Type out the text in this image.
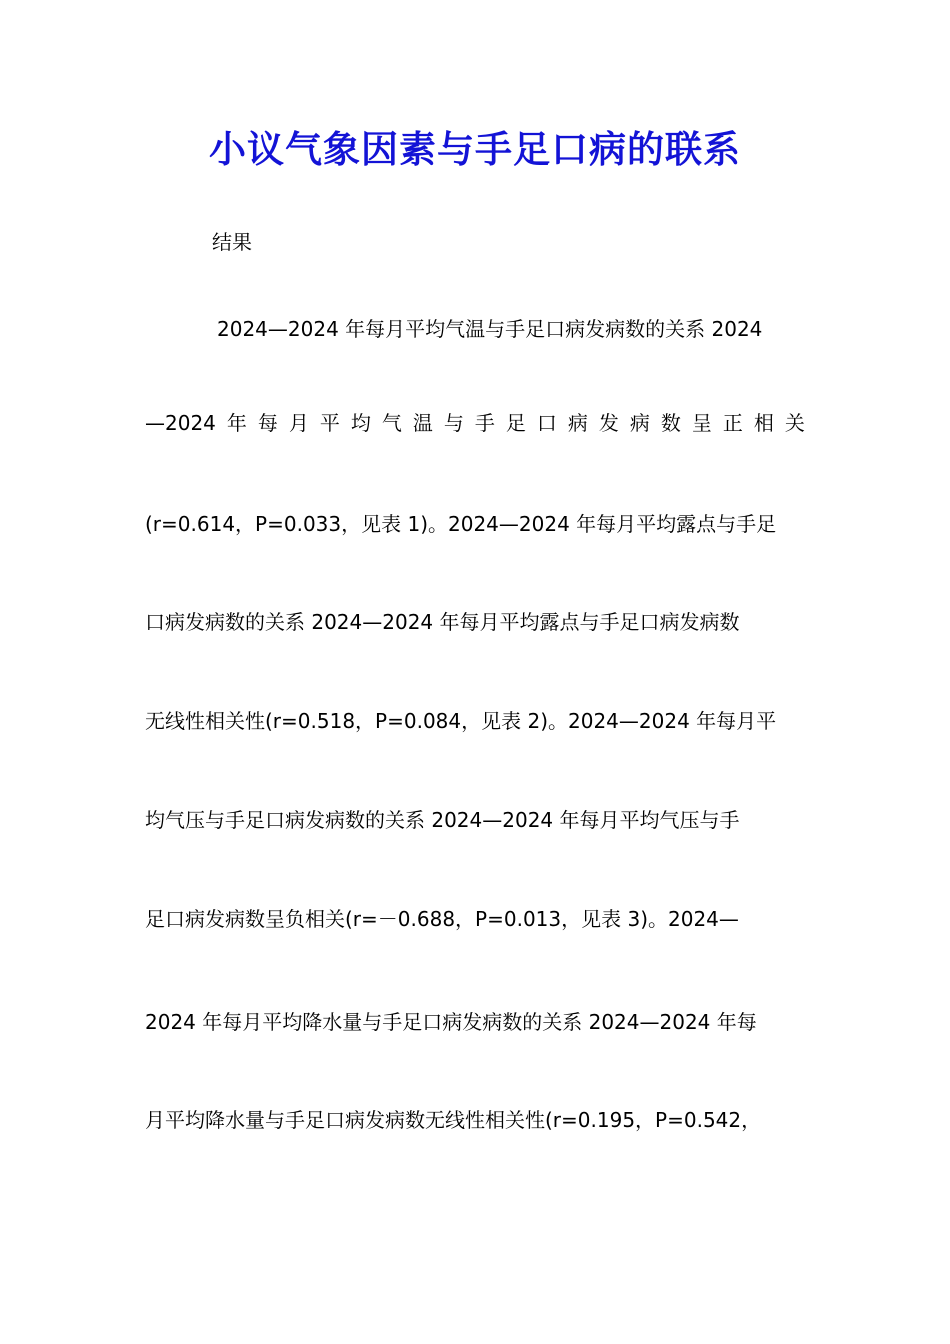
小议气象因素与手足口病的联系
结果
2024—2024 年每月平均气温与手足口病发病数的关系 2024
—2024 年 每 月 平 均 气 温 与 手 足 口 病 发 病 数 呈 正 相 关
(r=0.614，P=0.033，见表 1)。2024—2024 年每月平均露点与手足
口病发病数的关系 2024—2024 年每月平均露点与手足口病发病数
无线性相关性(r=0.518，P=0.084，见表 2)。2024—2024 年每月平
均气压与手足口病发病数的关系 2024—2024 年每月平均气压与手
足口病发病数呈负相关(r=－0.688，P=0.013，见表 3)。2024—
2024 年每月平均降水量与手足口病发病数的关系 2024—2024 年每
月平均降水量与手足口病发病数无线性相关性(r=0.195，P=0.542，
